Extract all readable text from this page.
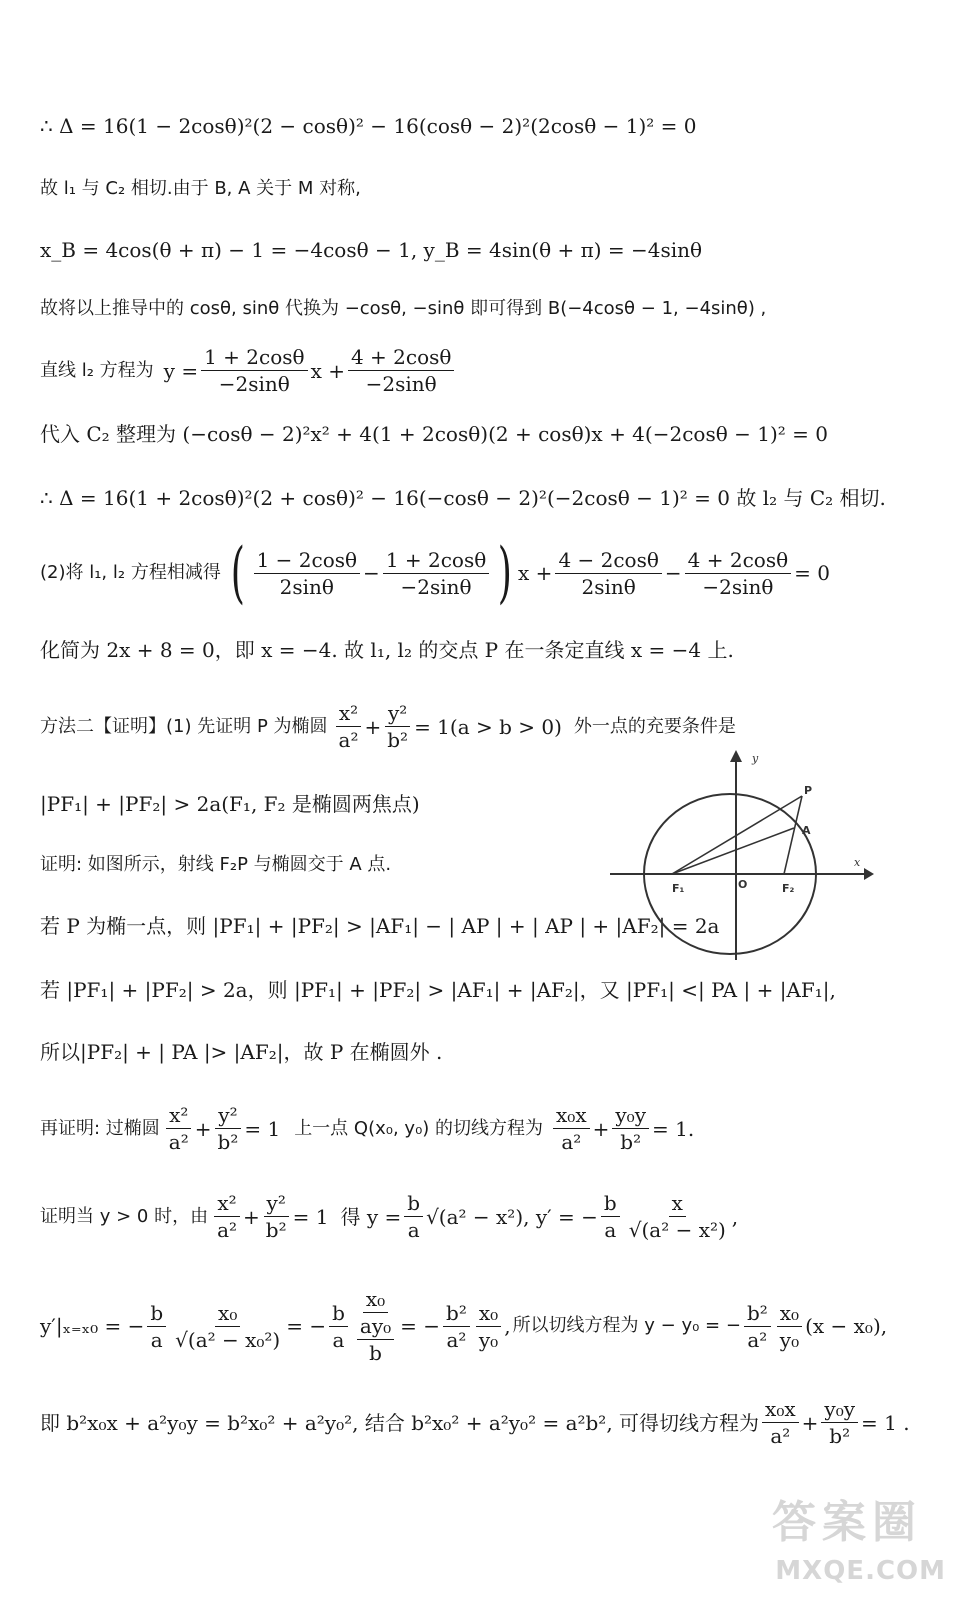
∴ Δ = 16(1 − 2cosθ)²(2 − cosθ)² − 16(cosθ − 2)²(2cosθ − 1)² = 0
故 l₁ 与 C₂ 相切.由于 B, A 关于 M 对称,
x_B = 4cos(θ + π) − 1 = −4cosθ − 1, y_B = 4sin(θ + π) = −4sinθ
故将以上推导中的 cosθ, sinθ 代换为 −cosθ, −sinθ 即可得到 B(−4cosθ − 1, −4sinθ) ,
直线 l₂ 方程为 $y = \frac{1 + 2\cos\theta}{-2\sin\theta}$ $x + \frac{4 + 2\cos\theta}{-2\sin\theta}$
代入 C₂ 整理为 (−cosθ − 2)²x² + 4(1 + 2cosθ)(2 + cosθ)x + 4(−2cosθ − 1)² = 0
∴ Δ = 16(1 + 2cosθ)²(2 + cosθ)² − 16(−cosθ − 2)²(−2cosθ − 1)² = 0 故 l₂ 与 C₂ 相切.
(2)将 l₁, l₂ 方程相减得 ( $\frac{1 - 2\cos\theta}{2\sin\theta} - \frac{1 + 2\cos\theta}{-2\sin\theta}$ ) $x + \frac{4 - 2\cos\theta}{2\sin\theta} - \frac{4 + 2\cos\theta}{-2\sin\theta} = 0$
化简为 2x + 8 = 0，即 x = −4. 故 l₁, l₂ 的交点 P 在一条定直线 x = −4 上.
方法二【证明】(1) 先证明 P 为椭圆 $\frac{\text{x²}}{\text{a²}} + \frac{\text{y²}}{\text{b²}} = 1(a > b > 0)$ 外一点的充要条件是
|PF₁| + |PF₂| > 2a(F₁, F₂ 是椭圆两焦点)
证明: 如图所示，射线 F₂P 与椭圆交于 A 点.
若 P 为椭一点，则 |PF₁| + |PF₂| > |AF₁| − | AP | + | AP | + |AF₂| = 2a
若 |PF₁| + |PF₂| > 2a，则 |PF₁| + |PF₂| > |AF₁| + |AF₂|，又 |PF₁| <| PA | + |AF₁|,
所以|PF₂| + | PA |> |AF₂|，故 P 在椭圆外 .
再证明: 过椭圆 $\frac{\text{x²}}{\text{a²}} + \frac{\text{y²}}{\text{b²}} = 1$ 上一点 Q(x₀, y₀) 的切线方程为 $\frac{\text{x₀x}}{\text{a²}} + \frac{\text{y₀y}}{\text{b²}} = 1$.
证明当 y > 0 时，由 $\frac{\text{x²}}{\text{a²}} + \frac{\text{y²}}{\text{b²}} = 1$ 得 $y = \frac{b}{a} √(a^2 - x^2)$ , y′ = − $\frac{b}{a} \frac{x}{\text{√(a² − x²)}}$ ,
y′|ₓ₌ₓ₀ = − $\frac{b}{a} \frac{\text{x₀}}{\text{√(a² − x₀²)}}$ = − $\frac{b}{a} \frac{\text{x₀}}{\frac{\text{ay₀}}{b}}$ = − $\frac{\text{b²}}{\text{a²}} \frac{\text{x₀}}{\text{y₀}}$ , 所以切线方程为 y − y₀ = − $\frac{\text{b²}}{\text{a²}} \frac{\text{x₀}}{\text{y₀}} (x - x_0)$,
即 b²x₀x + a²y₀y = b²x₀² + a²y₀², 结合 b²x₀² + a²y₀² = a²b², 可得切线方程为 $\frac{\text{x₀x}}{\text{a²}} + \frac{\text{y₀y}}{\text{b²}} = 1$ .
y
x
P
A
F₁	O	F₂
答案圈
MXQE.COM
